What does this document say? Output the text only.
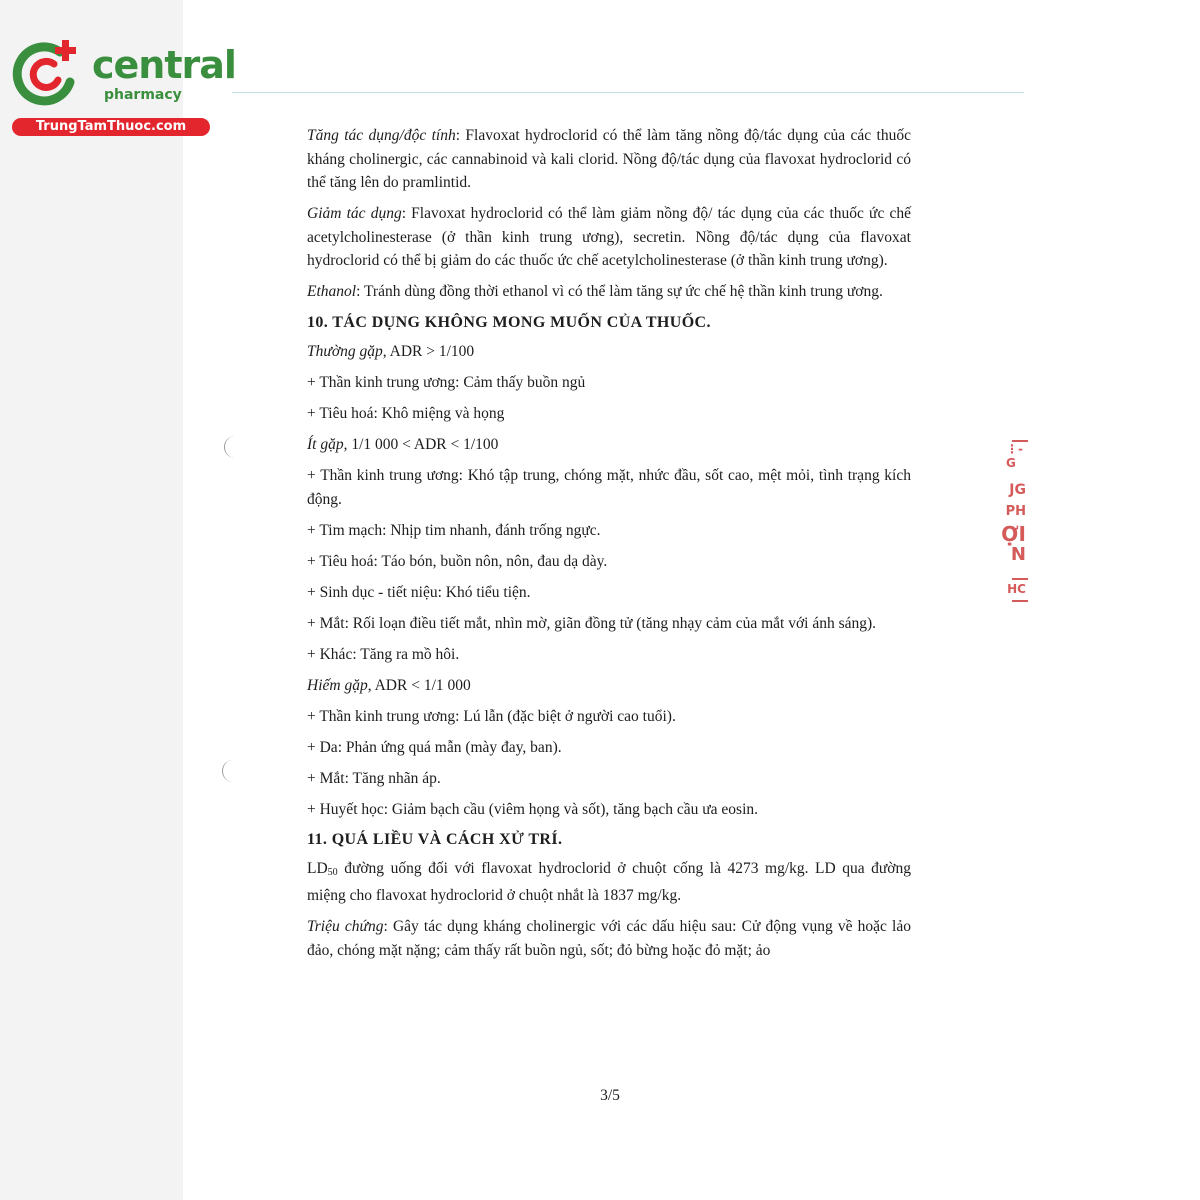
central
pharmacy
TrungTamThuoc.com
⋮-G
JG
PH
ỢI
N
HC

Tăng tác dụng/độc tính: Flavoxat hydroclorid có thể làm tăng nồng độ/tác dụng của các thuốc kháng cholinergic, các cannabinoid và kali clorid. Nồng độ/tác dụng của flavoxat hydroclorid có thể tăng lên do pramlintid.

Giảm tác dụng: Flavoxat hydroclorid có thể làm giảm nồng độ/ tác dụng của các thuốc ức chế acetylcholinesterase (ở thần kinh trung ương), secretin. Nồng độ/tác dụng của flavoxat hydroclorid có thể bị giảm do các thuốc ức chế acetylcholinesterase (ở thần kinh trung ương).

Ethanol: Tránh dùng đồng thời ethanol vì có thể làm tăng sự ức chế hệ thần kinh trung ương.

10. TÁC DỤNG KHÔNG MONG MUỐN CỦA THUỐC.

Thường gặp, ADR > 1/100

+ Thần kinh trung ương: Cảm thấy buồn ngủ

+ Tiêu hoá: Khô miệng và họng

Ít gặp, 1/1 000 < ADR < 1/100

+ Thần kinh trung ương: Khó tập trung, chóng mặt, nhức đầu, sốt cao, mệt mỏi, tình trạng kích động.

+ Tim mạch: Nhịp tim nhanh, đánh trống ngực.

+ Tiêu hoá: Táo bón, buồn nôn, nôn, đau dạ dày.

+ Sinh dục - tiết niệu: Khó tiểu tiện.

+ Mắt: Rối loạn điều tiết mắt, nhìn mờ, giãn đồng tử (tăng nhạy cảm của mắt với ánh sáng).

+ Khác: Tăng ra mồ hôi.

Hiếm gặp, ADR < 1/1 000

+ Thần kinh trung ương: Lú lẫn (đặc biệt ở người cao tuổi).

+ Da: Phản ứng quá mẫn (mày đay, ban).

+ Mắt: Tăng nhãn áp.

+ Huyết học: Giảm bạch cầu (viêm họng và sốt), tăng bạch cầu ưa eosin.

11. QUÁ LIỀU VÀ CÁCH XỬ TRÍ.

$LD_{50}$ đường uống đối với flavoxat hydroclorid ở chuột cống là 4273 mg/kg. LD qua đường miệng cho flavoxat hydroclorid ở chuột nhắt là 1837 mg/kg.

Triệu chứng: Gây tác dụng kháng cholinergic với các dấu hiệu sau: Cử động vụng về hoặc lảo đảo, chóng mặt nặng; cảm thấy rất buồn ngủ, sốt; đỏ bừng hoặc đỏ mặt; ảo

3/5
